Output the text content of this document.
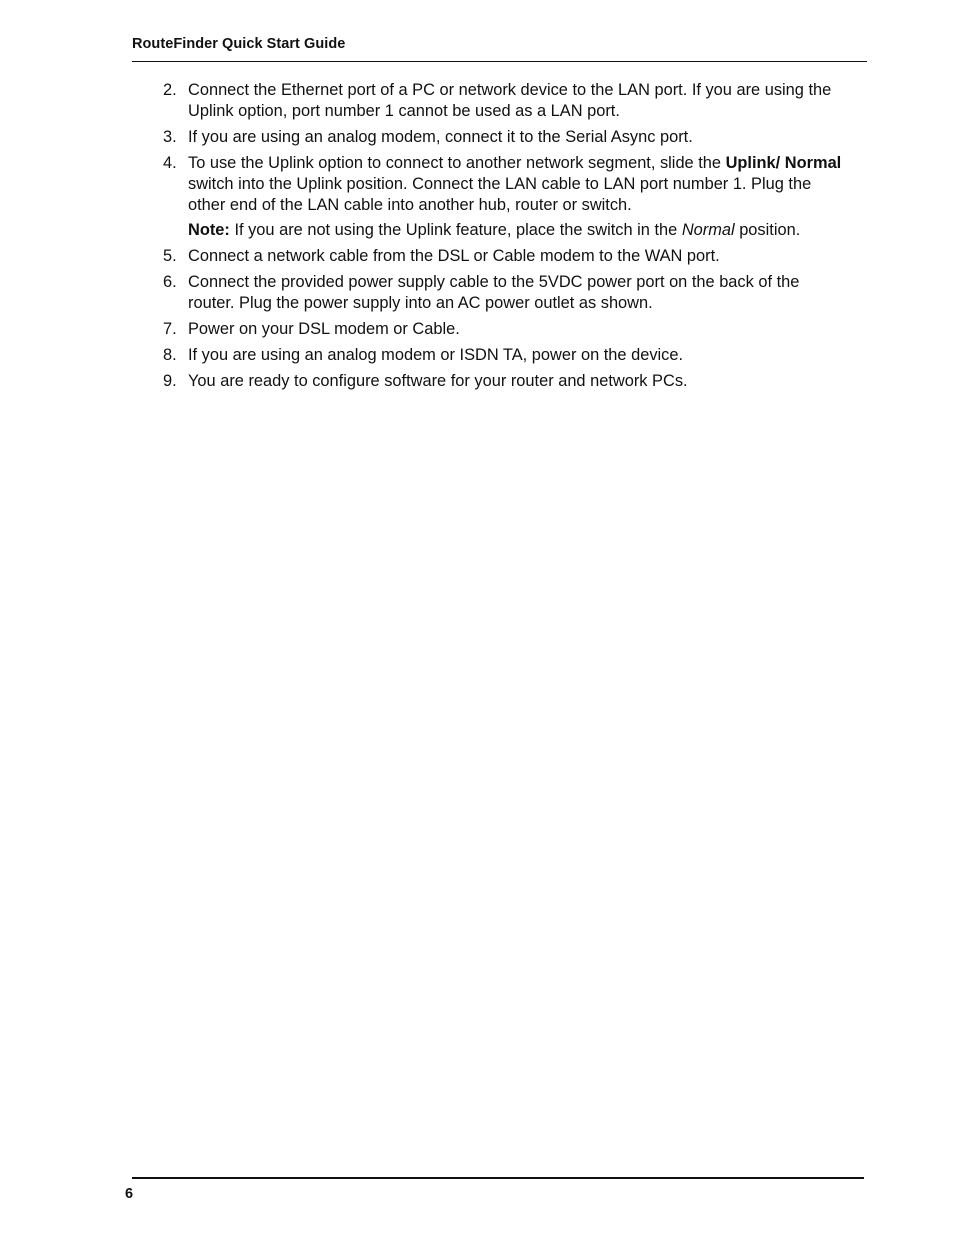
RouteFinder Quick Start Guide
2. Connect the Ethernet port of a PC or network device to the LAN port. If you are using the Uplink option, port number 1 cannot be used as a LAN port.
3. If you are using an analog modem, connect it to the Serial Async port.
4. To use the Uplink option to connect to another network segment, slide the Uplink/ Normal switch into the Uplink position. Connect the LAN cable to LAN port number 1. Plug the other end of the LAN cable into another hub, router or switch.
Note: If you are not using the Uplink feature, place the switch in the Normal position.
5. Connect a network cable from the DSL or Cable modem to the WAN port.
6. Connect the provided power supply cable to the 5VDC power port on the back of the router. Plug the power supply into an AC power outlet as shown.
7. Power on your DSL modem or Cable.
8. If you are using an analog modem or ISDN TA, power on the device.
9. You are ready to configure software for your router and network PCs.
6
